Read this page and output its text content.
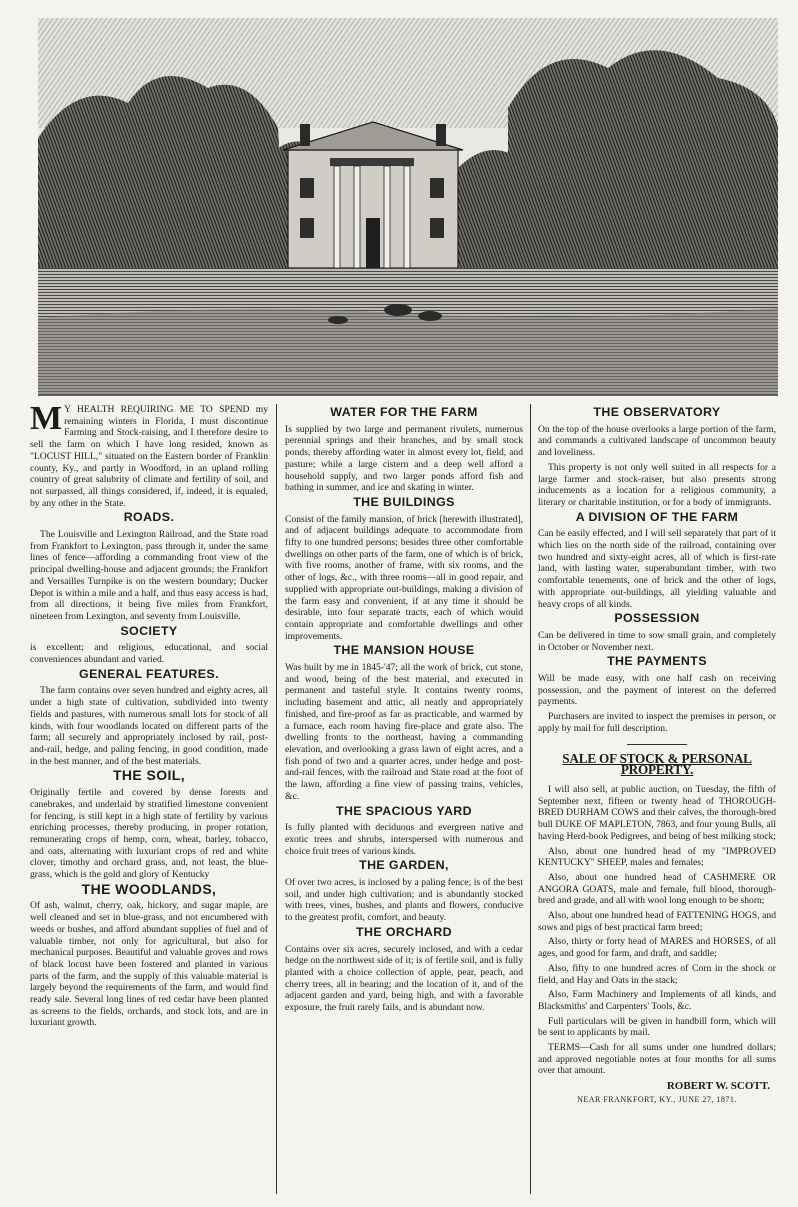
M Y HEALTH REQUIRING ME TO SPEND my remaining winters in Florida, I must discontinue Farming and Stock-raising, and I therefore desire to sell the farm on which I have long resided, known as "LOCUST HILL," situated on the Eastern border of Franklin county, Ky., and partly in Woodford, in an upland rolling country of great salubrity of climate and fertility of soil, and not surpassed, all things considered, if, indeed, it is equaled, by any other in the State.

ROADS.

The Louisville and Lexington Railroad, and the State road from Frankfort to Lexington, pass through it, under the same lines of fence—affording a commanding front view of the principal dwelling-house and adjacent grounds; the Frankfort and Versailles Turnpike is on the western boundary; Ducker Depot is within a mile and a half, and thus easy access is had, from all directions, it being five miles from Frankfort, nineteen from Lexington, and seventy from Louisville.

SOCIETY

is excellent; and religious, educational, and social conveniences abundant and varied.

GENERAL FEATURES.

The farm contains over seven hundred and eighty acres, all under a high state of cultivation, subdivided into twenty fields and pastures, with numerous small lots for stock of all kinds, with four woodlands located on different parts of the farm; all securely and appropriately inclosed by rail, post-and-rail, hedge, and paling fencing, in good condition, made in the best manner, and of the best materials.

THE SOIL,

Originally fertile and covered by dense forests and canebrakes, and underlaid by stratified limestone convenient for fencing, is still kept in a high state of fertility by various enriching processes, thereby producing, in proper rotation, remunerating crops of hemp, corn, wheat, barley, tobacco, and oats, alternating with luxuriant crops of red and white clover, timothy and orchard grass, and, not least, the blue-grass, which is the gold and glory of Kentucky

THE WOODLANDS,

Of ash, walnut, cherry, oak, hickory, and sugar maple, are well cleaned and set in blue-grass, and not encumbered with weeds or bushes, and afford abundant supplies of fuel and of valuable timber, not only for agricultural, but also for mechanical purposes. Beautiful and valuable groves and rows of black locust have been fostered and planted in various parts of the farm, and the supply of this valuable material is largely beyond the requirements of the farm, and would find ready sale. Several long lines of red cedar have been planted as screens to the fields, orchards, and stock lots, and are in luxuriant growth.

WATER FOR THE FARM

Is supplied by two large and permanent rivulets, numerous perennial springs and their branches, and by small stock ponds, thereby affording water in almost every lot, field, and pasture; while a large cistern and a deep well afford a household supply, and two larger ponds afford fish and bathing in summer, and ice and skating in winter.

THE BUILDINGS

Consist of the family mansion, of brick [herewith illustrated], and of adjacent buildings adequate to accommodate from fifty to one hundred persons; besides three other comfortable dwellings on other parts of the farm, one of which is of brick, with five rooms, another of frame, with six rooms, and the other of logs, &c., with three rooms—all in good repair, and supplied with appropriate out-buildings, making a division of the farm easy and convenient, if at any time it should be desirable, into four separate tracts, each of which would contain appropriate and comfortable dwellings and other improvements.

THE MANSION HOUSE

Was built by me in 1845-'47; all the work of brick, cut stone, and wood, being of the best material, and executed in permanent and tasteful style. It contains twenty rooms, including basement and attic, all neatly and appropriately finished, and fire-proof as far as practicable, and warmed by a furnace, each room having fire-place and grate also. The dwelling fronts to the northeast, having a commanding elevation, and overlooking a grass lawn of eight acres, and a fish pond of two and a quarter acres, under hedge and post-and-rail fences, with the railroad and State road at the foot of the lawn, affording a fine view of passing trains, vehicles, &c.

THE SPACIOUS YARD

Is fully planted with deciduous and evergreen native and exotic trees and shrubs, interspersed with numerous and choice fruit trees of various kinds.

THE GARDEN,

Of over two acres, is inclosed by a paling fence; is of the best soil, and under high cultivation; and is abundantly stocked with trees, vines, bushes, and plants and flowers, conducive to the greatest profit, comfort, and beauty.

THE ORCHARD

Contains over six acres, securely inclosed, and with a cedar hedge on the northwest side of it; is of fertile soil, and is fully planted with a choice collection of apple, pear, peach, and cherry trees, all in bearing; and the location of it, and of the adjacent garden and yard, being high, and with a favorable exposure, the fruit rarely fails, and is abundant now.

THE OBSERVATORY

On the top of the house overlooks a large portion of the farm, and commands a cultivated landscape of uncommon beauty and loveliness.

This property is not only well suited in all respects for a large farmer and stock-raiser, but also presents strong inducements as a location for a religious community, a literary or charitable institution, or for a body of immigrants.

A DIVISION OF THE FARM

Can be easily effected, and I will sell separately that part of it which lies on the north side of the railroad, containing over two hundred and sixty-eight acres, all of which is first-rate land, with lasting water, superabundant timber, with two comfortable tenements, one of brick and the other of logs, with appropriate out-buildings, all yielding valuable and heavy crops of all kinds.

POSSESSION

Can be delivered in time to sow small grain, and completely in October or November next.

THE PAYMENTS

Will be made easy, with one half cash on receiving possession, and the payment of interest on the deferred payments.

Purchasers are invited to inspect the premises in person, or apply by mail for full description.

SALE OF STOCK & PERSONAL PROPERTY.

I will also sell, at public auction, on Tuesday, the fifth of September next, fifteen or twenty head of THOROUGH-BRED DURHAM COWS and their calves, the thorough-bred bull DUKE OF MAPLETON, 7863, and four young Bulls, all having Herd-book Pedigrees, and being of best milking stock;

Also, about one hundred head of my "IMPROVED KENTUCKY" SHEEP, males and females;

Also, about one hundred head of CASHMERE OR ANGORA GOATS, male and female, full blood, thorough-bred and grade, and all with wool long enough to be shorn;

Also, about one hundred head of FATTENING HOGS, and sows and pigs of best practical farm breed;

Also, thirty or forty head of MARES and HORSES, of all ages, and good for farm, and draft, and saddle;

Also, fifty to one hundred acres of Corn in the shock or field, and Hay and Oats in the stack;

Also, Farm Machinery and Implements of all kinds, and Blacksmiths' and Carpenters' Tools, &c.

Full particulars will be given in handbill form, which will be sent to applicants by mail.

TERMS—Cash for all sums under one hundred dollars; and approved negotiable notes at four months for all sums over that amount.

ROBERT W. SCOTT.
NEAR FRANKFORT, KY., JUNE 27, 1871.
